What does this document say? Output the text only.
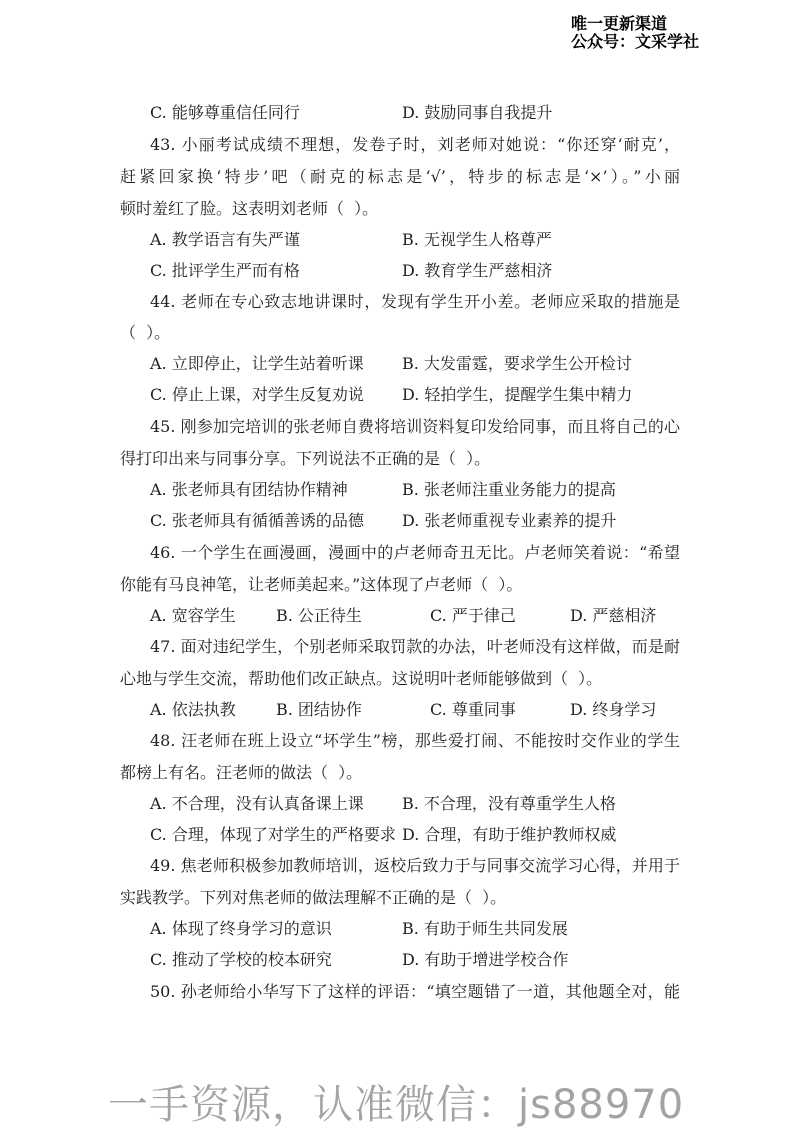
唯一更新渠道
公众号：文采学社
C. 能够尊重信任同行	D. 鼓励同事自我提升
43. 小丽考试成绩不理想，发卷子时，刘老师对她说：“你还穿‘耐克’，
赶紧回家换‘特步’吧（耐克的标志是‘√’，特步的标志是‘×’）。”小丽
顿时羞红了脸。这表明刘老师（  ）。
A. 教学语言有失严谨	B. 无视学生人格尊严
C. 批评学生严而有格	D. 教育学生严慈相济
44. 老师在专心致志地讲课时，发现有学生开小差。老师应采取的措施是
（  ）。
A. 立即停止，让学生站着听课 B. 大发雷霆，要求学生公开检讨
C. 停止上课，对学生反复劝说 D. 轻拍学生，提醒学生集中精力
45. 刚参加完培训的张老师自费将培训资料复印发给同事，而且将自己的心
得打印出来与同事分享。下列说法不正确的是（  ）。
A. 张老师具有团结协作精神	B. 张老师注重业务能力的提高
C. 张老师具有循循善诱的品德 D. 张老师重视专业素养的提升
46. 一个学生在画漫画，漫画中的卢老师奇丑无比。卢老师笑着说：“希望
你能有马良神笔，让老师美起来。”这体现了卢老师（  ）。
A. 宽容学生	B. 公正待生	C. 严于律己	D. 严慈相济
47. 面对违纪学生，个别老师采取罚款的办法，叶老师没有这样做，而是耐
心地与学生交流，帮助他们改正缺点。这说明叶老师能够做到（  ）。
A. 依法执教	B. 团结协作	C. 尊重同事	D. 终身学习
48. 汪老师在班上设立“坏学生”榜，那些爱打闹、不能按时交作业的学生
都榜上有名。汪老师的做法（  ）。
A. 不合理，没有认真备课上课 B. 不合理，没有尊重学生人格
C. 合理，体现了对学生的严格要求 D. 合理，有助于维护教师权威
49. 焦老师积极参加教师培训，返校后致力于与同事交流学习心得，并用于
实践教学。下列对焦老师的做法理解不正确的是（  ）。
A. 体现了终身学习的意识	B. 有助于师生共同发展
C. 推动了学校的校本研究	D. 有助于增进学校合作
50. 孙老师给小华写下了这样的评语：“填空题错了一道，其他题全对，能
一手资源，认准微信：js88970
